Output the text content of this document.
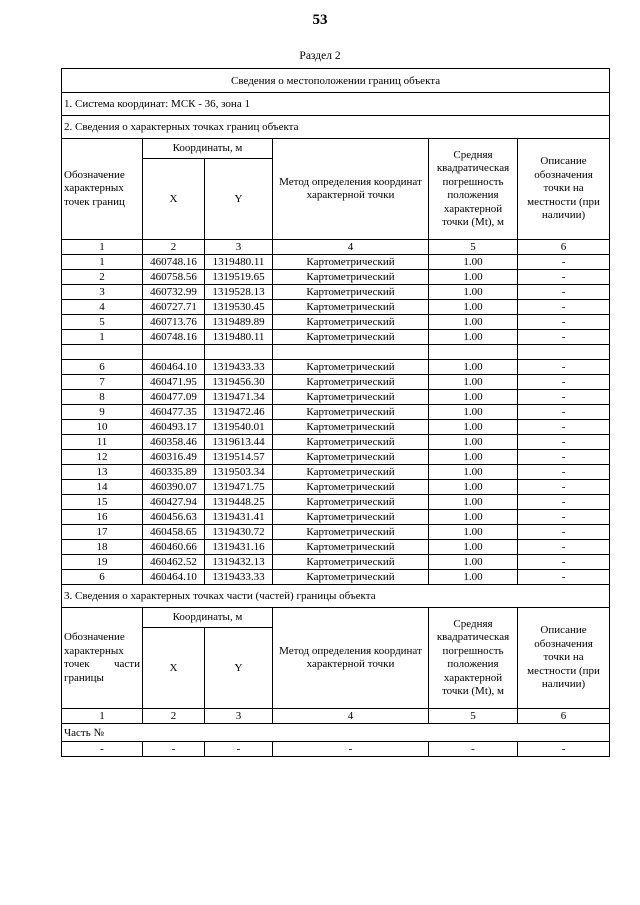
53
Раздел 2
Сведения о местоположении границ объекта					
1. Система координат: МСК - 36, зона 1					
2. Сведения о характерных точках границ объекта					
Обозначение характерных точек границ	Координаты, м		Метод определения координат характерной точки	Средняя квадратическая погрешность положения характерной точки (Mt), м	Описание обозначения точки на местности (при наличии)
	X	Y			
1	2	3	4	5	6
1	460748.16	1319480.11	Картометрический	1.00	-
2	460758.56	1319519.65	Картометрический	1.00	-
3	460732.99	1319528.13	Картометрический	1.00	-
4	460727.71	1319530.45	Картометрический	1.00	-
5	460713.76	1319489.89	Картометрический	1.00	-
1	460748.16	1319480.11	Картометрический	1.00	-

6	460464.10	1319433.33	Картометрический	1.00	-
7	460471.95	1319456.30	Картометрический	1.00	-
8	460477.09	1319471.34	Картометрический	1.00	-
9	460477.35	1319472.46	Картометрический	1.00	-
10	460493.17	1319540.01	Картометрический	1.00	-
11	460358.46	1319613.44	Картометрический	1.00	-
12	460316.49	1319514.57	Картометрический	1.00	-
13	460335.89	1319503.34	Картометрический	1.00	-
14	460390.07	1319471.75	Картометрический	1.00	-
15	460427.94	1319448.25	Картометрический	1.00	-
16	460456.63	1319431.41	Картометрический	1.00	-
17	460458.65	1319430.72	Картометрический	1.00	-
18	460460.66	1319431.16	Картометрический	1.00	-
19	460462.52	1319432.13	Картометрический	1.00	-
6	460464.10	1319433.33	Картометрический	1.00	-
3. Сведения о характерных точках части (частей) границы объекта					
Обозначение характерных точек части границы	Координаты, м		Метод определения координат характерной точки	Средняя квадратическая погрешность положения характерной точки (Mt), м	Описание обозначения точки на местности (при наличии)
	X	Y			
1	2	3	4	5	6
Часть №					
-	-	-	-	-	-
